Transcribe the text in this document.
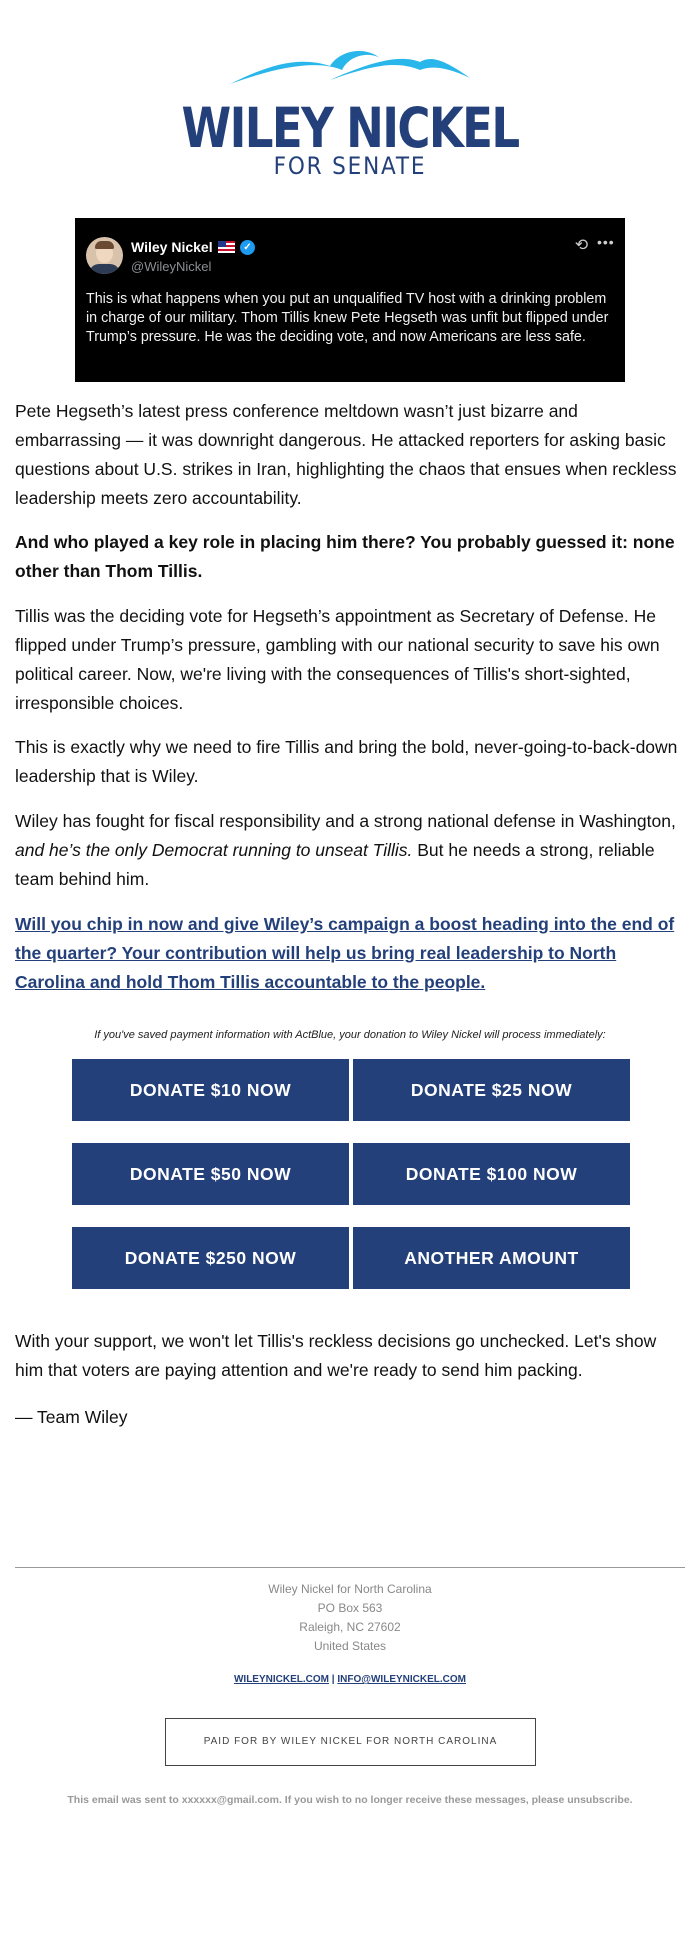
WILEY NICKEL
FOR SENATE
Wiley Nickel	✓
@WileyNickel
⟲ •••
This is what happens when you put an unqualified TV host with a drinking problem in charge of our military. Thom Tillis knew Pete Hegseth was unfit but flipped under Trump’s pressure. He was the deciding vote, and now Americans are less safe.

Pete Hegseth’s latest press conference meltdown wasn’t just bizarre and embarrassing — it was downright dangerous. He attacked reporters for asking basic questions about U.S. strikes in Iran, highlighting the chaos that ensues when reckless leadership meets zero accountability.

And who played a key role in placing him there? You probably guessed it: none other than Thom Tillis.

Tillis was the deciding vote for Hegseth’s appointment as Secretary of Defense. He flipped under Trump’s pressure, gambling with our national security to save his own political career. Now, we're living with the consequences of Tillis's short-sighted, irresponsible choices.

This is exactly why we need to fire Tillis and bring the bold, never-going-to-back-down leadership that is Wiley.

Wiley has fought for fiscal responsibility and a strong national defense in Washington, and he’s the only Democrat running to unseat Tillis. But he needs a strong, reliable team behind him.

Will you chip in now and give Wiley’s campaign a boost heading into the end of the quarter? Your contribution will help us bring real leadership to North Carolina and hold Thom Tillis accountable to the people.
If you've saved payment information with ActBlue, your donation to Wiley Nickel will process immediately:
DONATE $10 NOW	DONATE $25 NOW
DONATE $50 NOW	DONATE $100 NOW
DONATE $250 NOW	ANOTHER AMOUNT

With your support, we won't let Tillis's reckless decisions go unchecked. Let's show him that voters are paying attention and we're ready to send him packing.

— Team Wiley

Wiley Nickel for North Carolina
PO Box 563
Raleigh, NC 27602
United States
WILEYNICKEL.COM | INFO@WILEYNICKEL.COM
PAID FOR BY WILEY NICKEL FOR NORTH CAROLINA
This email was sent to xxxxxx@gmail.com. If you wish to no longer receive these messages, please unsubscribe.
